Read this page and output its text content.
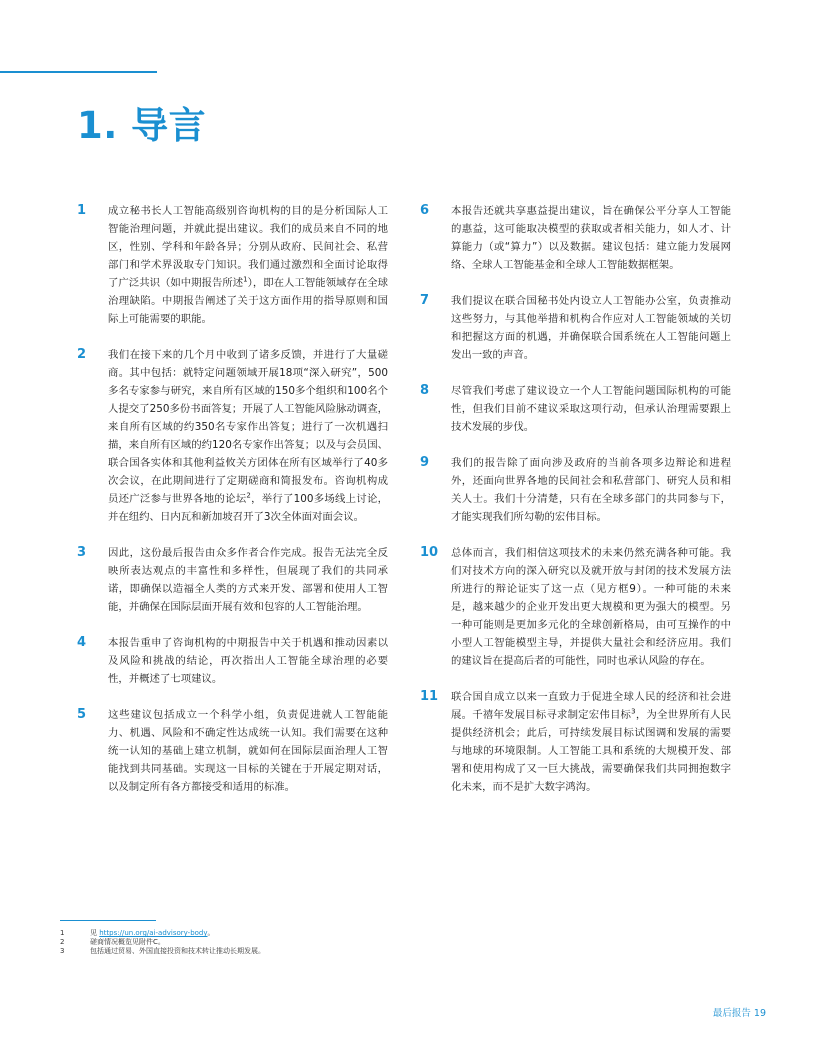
1. 导言
1	成立秘书长人工智能高级别咨询机构的目的是分析国际人工智能治理问题，并就此提出建议。我们的成员来自不同的地区，性别、学科和年龄各异；分别从政府、民间社会、私营部门和学术界汲取专门知识。我们通过激烈和全面讨论取得了广泛共识（如中期报告所述$^1$），即在人工智能领域存在全球治理缺陷。中期报告阐述了关于这方面作用的指导原则和国际上可能需要的职能。
2	我们在接下来的几个月中收到了诸多反馈，并进行了大量磋商。其中包括：就特定问题领域开展18项“深入研究”，500多名专家参与研究，来自所有区域的150多个组织和100名个人提交了250多份书面答复；开展了人工智能风险脉动调查，来自所有区域的约350名专家作出答复；进行了一次机遇扫描，来自所有区域的约120名专家作出答复；以及与会员国、联合国各实体和其他利益攸关方团体在所有区域举行了40多次会议，在此期间进行了定期磋商和简报发布。咨询机构成员还广泛参与世界各地的论坛$^2$，举行了100多场线上讨论，并在纽约、日内瓦和新加坡召开了3次全体面对面会议。
3	因此，这份最后报告由众多作者合作完成。报告无法完全反映所表达观点的丰富性和多样性，但展现了我们的共同承诺，即确保以造福全人类的方式来开发、部署和使用人工智能，并确保在国际层面开展有效和包容的人工智能治理。
4	本报告重申了咨询机构的中期报告中关于机遇和推动因素以及风险和挑战的结论，再次指出人工智能全球治理的必要性，并概述了七项建议。
5	这些建议包括成立一个科学小组，负责促进就人工智能能力、机遇、风险和不确定性达成统一认知。我们需要在这种统一认知的基础上建立机制，就如何在国际层面治理人工智能找到共同基础。实现这一目标的关键在于开展定期对话，以及制定所有各方都接受和适用的标准。
6	本报告还就共享惠益提出建议，旨在确保公平分享人工智能的惠益，这可能取决模型的获取或者相关能力，如人才、计算能力（或“算力”）以及数据。建议包括：建立能力发展网络、全球人工智能基金和全球人工智能数据框架。
7	我们提议在联合国秘书处内设立人工智能办公室，负责推动这些努力，与其他举措和机构合作应对人工智能领域的关切和把握这方面的机遇，并确保联合国系统在人工智能问题上发出一致的声音。
8	尽管我们考虑了建议设立一个人工智能问题国际机构的可能性，但我们目前不建议采取这项行动，但承认治理需要跟上技术发展的步伐。
9	我们的报告除了面向涉及政府的当前各项多边辩论和进程外，还面向世界各地的民间社会和私营部门、研究人员和相关人士。我们十分清楚，只有在全球多部门的共同参与下，才能实现我们所勾勒的宏伟目标。
10	总体而言，我们相信这项技术的未来仍然充满各种可能。我们对技术方向的深入研究以及就开放与封闭的技术发展方法所进行的辩论证实了这一点（见方框9）。一种可能的未来是，越来越少的企业开发出更大规模和更为强大的模型。另一种可能则是更加多元化的全球创新格局，由可互操作的中小型人工智能模型主导，并提供大量社会和经济应用。我们的建议旨在提高后者的可能性，同时也承认风险的存在。
11	联合国自成立以来一直致力于促进全球人民的经济和社会进展。千禧年发展目标寻求制定宏伟目标$^3$，为全世界所有人民提供经济机会；此后，可持续发展目标试图调和发展的需要与地球的环境限制。人工智能工具和系统的大规模开发、部署和使用构成了又一巨大挑战，需要确保我们共同拥抱数字化未来，而不是扩大数字鸿沟。
1	见 https://un.org/ai-advisory-body。
2	磋商情况概览见附件C。
3	包括通过贸易、外国直接投资和技术转让推动长期发展。
最后报告 19
